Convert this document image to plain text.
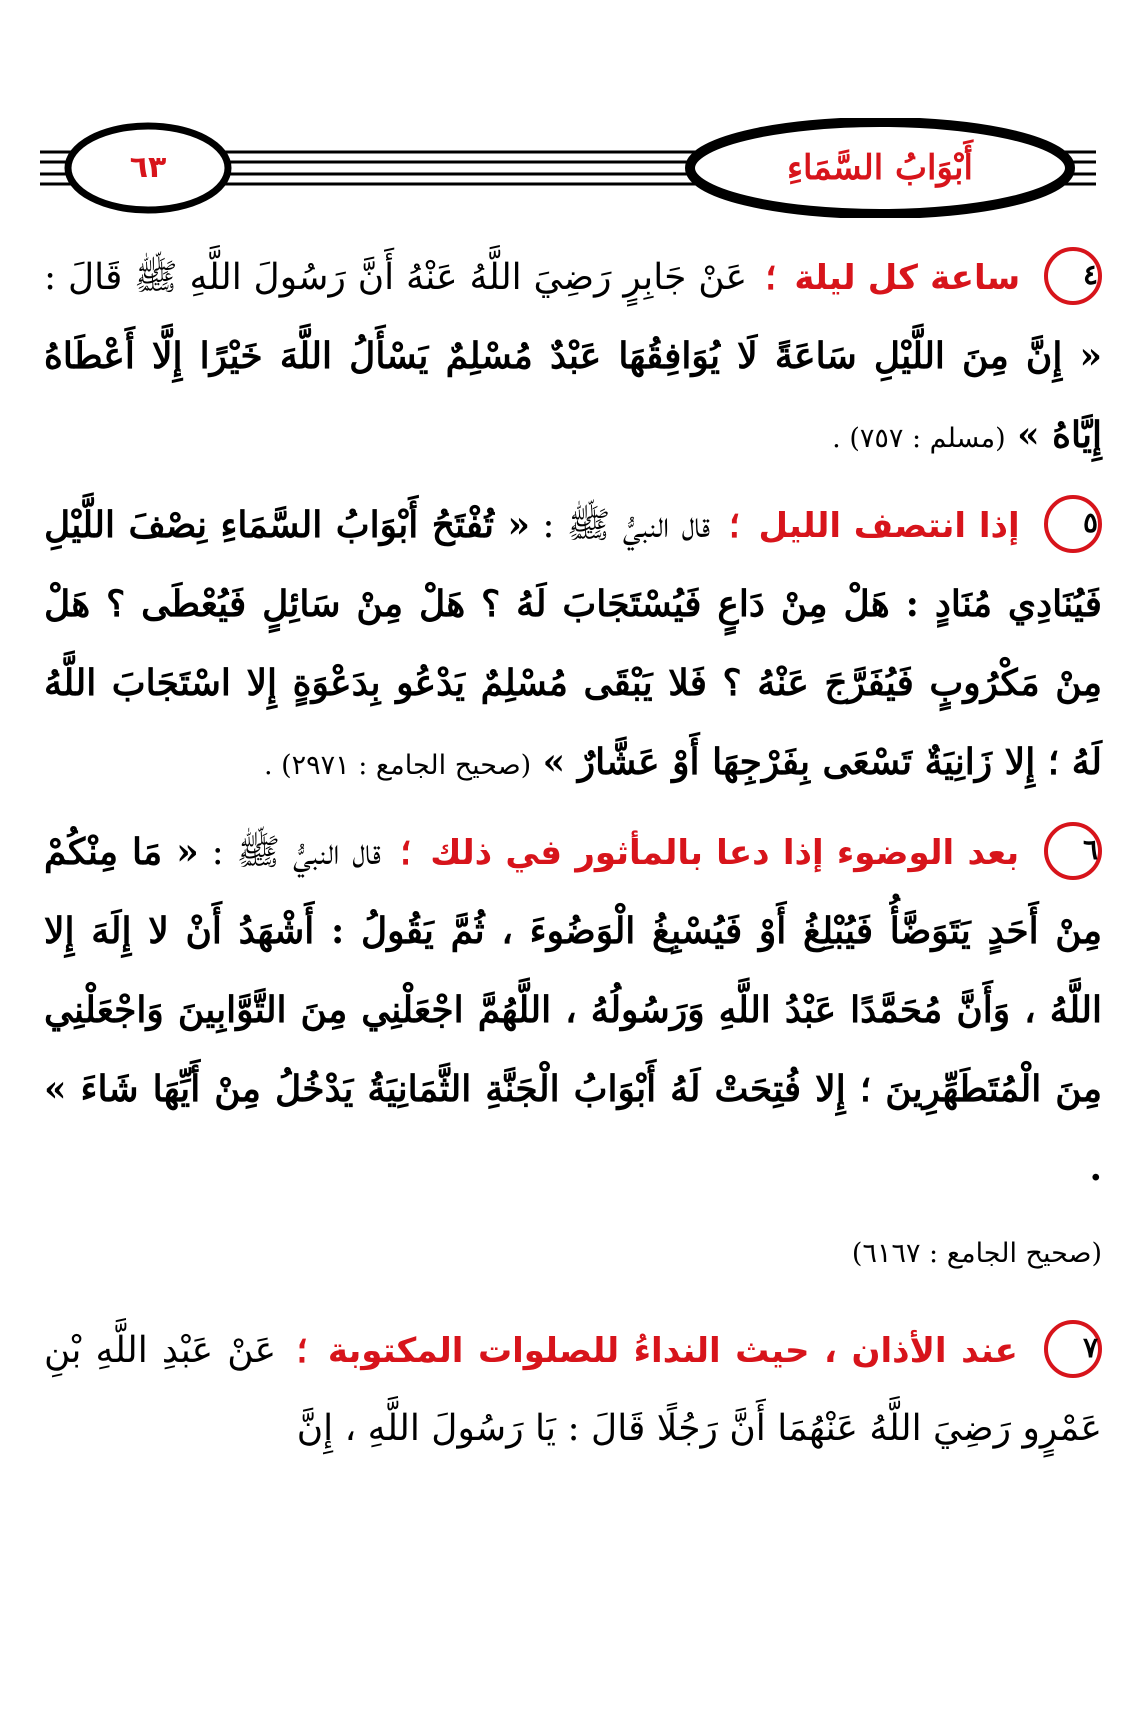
٦٣	أَبْوَابُ السَّمَاءِ

٤ ساعة كل ليلة ؛ عَنْ جَابِرٍ رَضِيَ اللَّهُ عَنْهُ أَنَّ رَسُولَ اللَّهِ ﷺ قَالَ : « إِنَّ مِنَ اللَّيْلِ سَاعَةً لَا يُوَافِقُهَا عَبْدٌ مُسْلِمٌ يَسْأَلُ اللَّهَ خَيْرًا إِلَّا أَعْطَاهُ إِيَّاهُ » (مسلم : ٧٥٧) .

٥ إذا انتصف الليل ؛ قال النبيُّ ﷺ : « تُفْتَحُ أَبْوَابُ السَّمَاءِ نِصْفَ اللَّيْلِ فَيُنَادِي مُنَادٍ : هَلْ مِنْ دَاعٍ فَيُسْتَجَابَ لَهُ ؟ هَلْ مِنْ سَائِلٍ فَيُعْطَى ؟ هَلْ مِنْ مَكْرُوبٍ فَيُفَرَّجَ عَنْهُ ؟ فَلا يَبْقَى مُسْلِمٌ يَدْعُو بِدَعْوَةٍ إِلا اسْتَجَابَ اللَّهُ لَهُ ؛ إِلا زَانِيَةٌ تَسْعَى بِفَرْجِهَا أَوْ عَشَّارٌ » (صحيح الجامع : ٢٩٧١) .

٦ بعد الوضوء إذا دعا بالمأثور في ذلك ؛ قال النبيُّ ﷺ : « مَا مِنْكُمْ مِنْ أَحَدٍ يَتَوَضَّأُ فَيُبْلِغُ أَوْ فَيُسْبِغُ الْوَضُوءَ ، ثُمَّ يَقُولُ : أَشْهَدُ أَنْ لا إِلَهَ إِلا اللَّهُ ، وَأَنَّ مُحَمَّدًا عَبْدُ اللَّهِ وَرَسُولُهُ ، اللَّهُمَّ اجْعَلْنِي مِنَ التَّوَّابِينَ وَاجْعَلْنِي مِنَ الْمُتَطَهِّرِينَ ؛ إِلا فُتِحَتْ لَهُ أَبْوَابُ الْجَنَّةِ الثَّمَانِيَةُ يَدْخُلُ مِنْ أَيِّهَا شَاءَ » .

(صحيح الجامع : ٦١٦٧)

٧ عند الأذان ، حيث النداءُ للصلوات المكتوبة ؛ عَنْ عَبْدِ اللَّهِ بْنِ عَمْرٍو رَضِيَ اللَّهُ عَنْهُمَا أَنَّ رَجُلًا قَالَ : يَا رَسُولَ اللَّهِ ، إِنَّ
